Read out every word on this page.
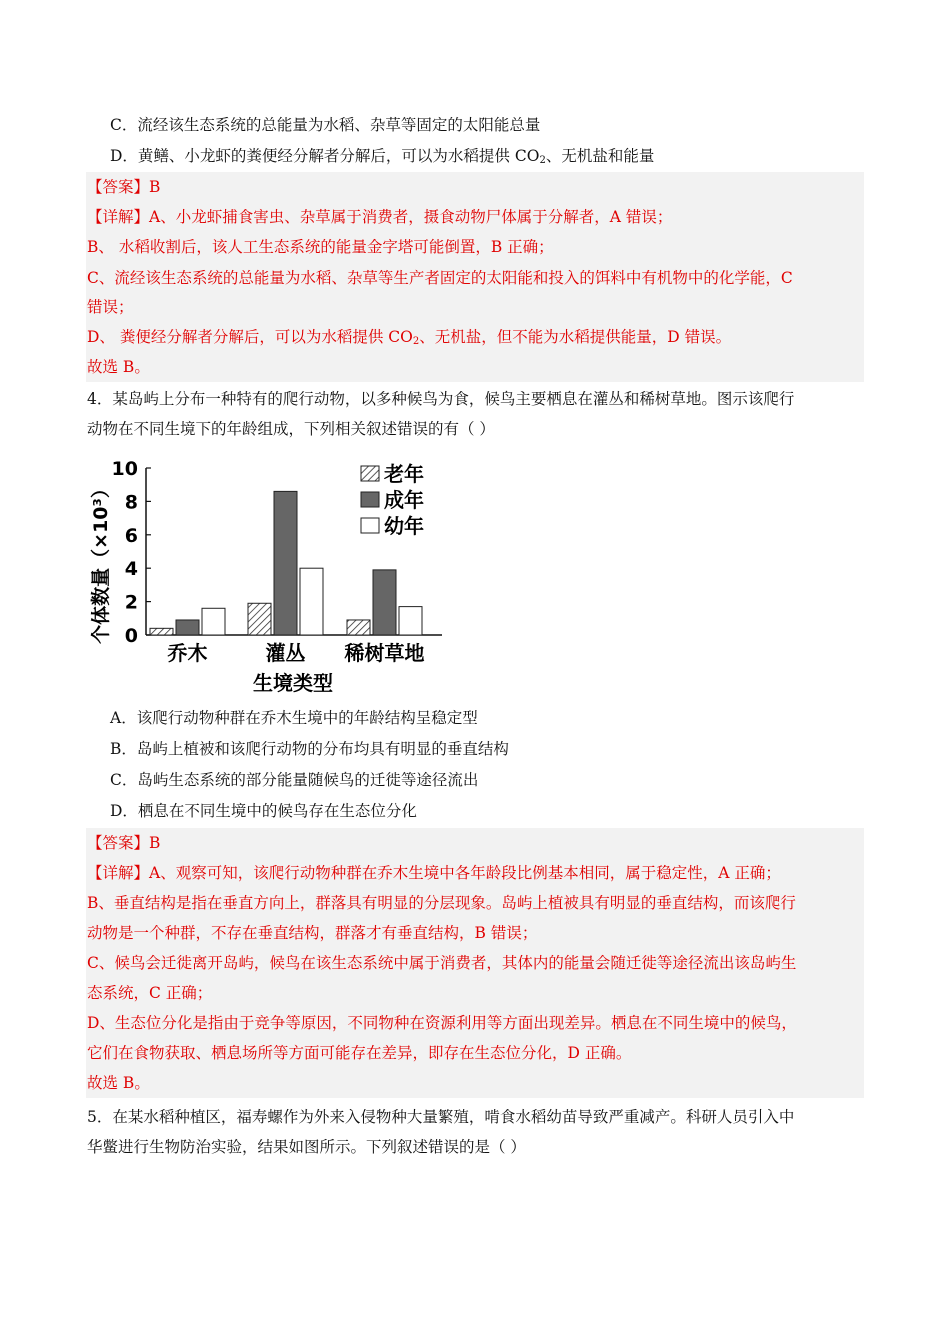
C．流经该生态系统的总能量为水稻、杂草等固定的太阳能总量
D．黄鳝、小龙虾的粪便经分解者分解后，可以为水稻提供 $CO_2$、无机盐和能量
【答案】B
【详解】A、小龙虾捕食害虫、杂草属于消费者，摄食动物尸体属于分解者，A 错误；
B、 水稻收割后，该人工生态系统的能量金字塔可能倒置，B 正确；
C、流经该生态系统的总能量为水稻、杂草等生产者固定的太阳能和投入的饵料中有机物中的化学能，C
错误；
D、 粪便经分解者分解后，可以为水稻提供 $CO_2$、无机盐，但不能为水稻提供能量，D 错误。
故选 B。
4．某岛屿上分布一种特有的爬行动物，以多种候鸟为食，候鸟主要栖息在灌丛和稀树草地。图示该爬行
动物在不同生境下的年龄组成，下列相关叙述错误的有（ ）
0
2
4
6
8
10
乔木	灌丛 稀树草地
老年
成年
幼年
个体数量（×10³）
生境类型
A．该爬行动物种群在乔木生境中的年龄结构呈稳定型
B．岛屿上植被和该爬行动物的分布均具有明显的垂直结构
C．岛屿生态系统的部分能量随候鸟的迁徙等途径流出
D．栖息在不同生境中的候鸟存在生态位分化
【答案】B
【详解】A、观察可知，该爬行动物种群在乔木生境中各年龄段比例基本相同，属于稳定性，A 正确；
B、垂直结构是指在垂直方向上，群落具有明显的分层现象。岛屿上植被具有明显的垂直结构，而该爬行
动物是一个种群，不存在垂直结构，群落才有垂直结构，B 错误；
C、候鸟会迁徙离开岛屿，候鸟在该生态系统中属于消费者，其体内的能量会随迁徙等途径流出该岛屿生
态系统，C 正确；
D、生态位分化是指由于竞争等原因，不同物种在资源利用等方面出现差异。栖息在不同生境中的候鸟，
它们在食物获取、栖息场所等方面可能存在差异，即存在生态位分化，D 正确。
故选 B。
5．在某水稻种植区，福寿螺作为外来入侵物种大量繁殖，啃食水稻幼苗导致严重减产。科研人员引入中
华鳖进行生物防治实验，结果如图所示。下列叙述错误的是（ ）
